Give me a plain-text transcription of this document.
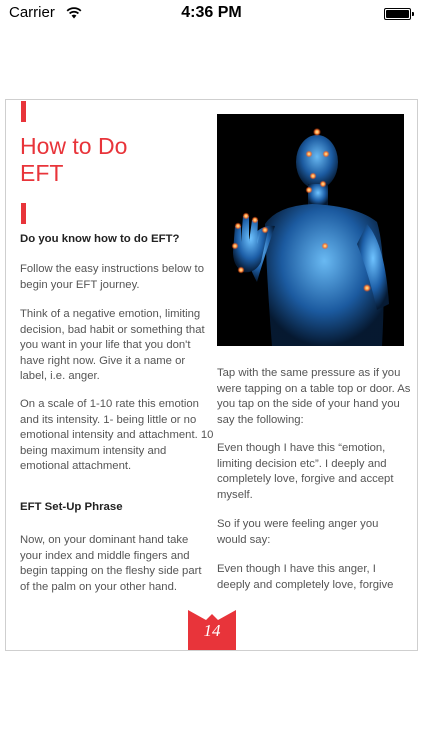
Carrier	4:36 PM
How to Do
EFT
Do you know how to do EFT?

Follow the easy instructions below to begin your EFT journey.

Think of a negative emotion, limiting decision, bad habit or something that you want in your life that you don't have right now. Give it a name or label, i.e. anger.

On a scale of 1-10 rate this emotion and its intensity. 1- being little or no emotional intensity and attachment. 10 being maximum intensity and emotional attachment.

EFT Set-Up Phrase

Now, on your dominant hand take your index and middle fingers and begin tapping on the fleshy side part of the palm on your other hand.

Tap with the same pressure as if you were tapping on a table top or door. As you tap on the side of your hand you say the following:

Even though I have this “emotion, limiting decision etc”. I deeply and completely love, forgive and accept myself.

So if you were feeling anger you would say:

Even though I have this anger, I deeply and completely love, forgive

14
